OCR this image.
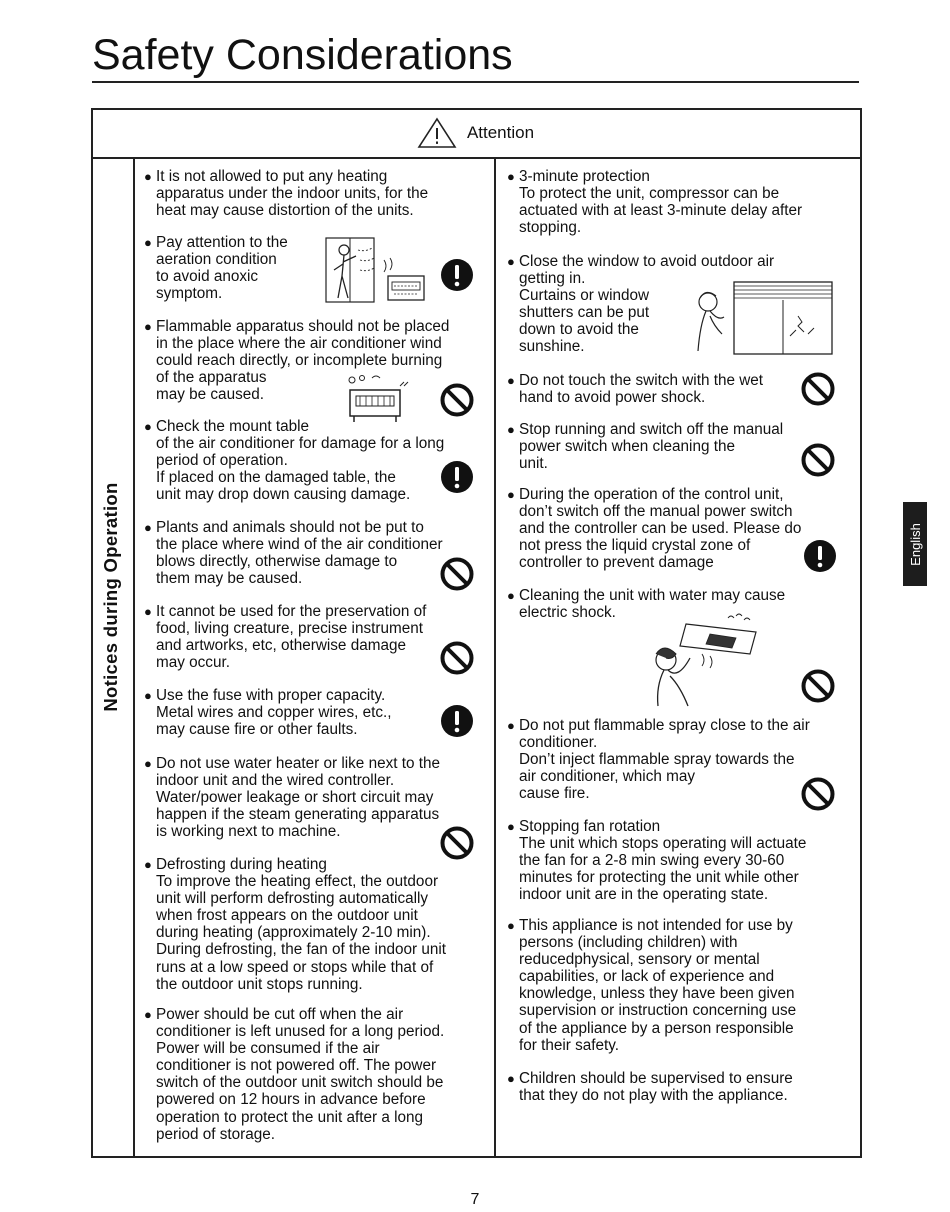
Safety Considerations
Attention
Notices during Operation
● It is not allowed to put any heating
apparatus under the indoor units, for the
heat may cause distortion of the units.
● Pay attention to the
aeration condition
to avoid anoxic
symptom.
● Flammable apparatus should not be placed
in the place where the air conditioner wind
could reach directly, or incomplete burning
of the apparatus
may be caused.
● Check the mount table
of the air conditioner for damage for a long
period of operation.
If placed on the damaged table, the
unit may drop down causing damage.
● Plants and animals should not be put to
the place where wind of the air conditioner
blows directly, otherwise damage to
them may be caused.
● It cannot be used for the preservation of
food, living creature, precise instrument
and artworks, etc, otherwise damage
may occur.
● Use the fuse with proper capacity.
Metal wires and copper wires, etc.,
may cause fire or other faults.
● Do not use water heater or like next to the
indoor unit and the wired controller.
Water/power leakage or short circuit may
happen if the steam generating apparatus
is working next to machine.
● Defrosting during heating
To improve the heating effect, the outdoor
unit will perform defrosting automatically
when frost appears on the outdoor unit
during heating (approximately 2-10 min).
During defrosting, the fan of the indoor unit
runs at a low speed or stops while that of
the outdoor unit stops running.
● Power should be cut off when the air
conditioner is left unused for a long period.
Power will be consumed if the air
conditioner is not powered off. The power
switch of the outdoor unit switch should be
powered on 12 hours in advance before
operation to protect the unit after a long
period of storage.
● 3-minute protection
To protect the unit, compressor can be
actuated with at least 3-minute delay after
stopping.
● Close the window to avoid outdoor air
getting in.
Curtains or window
shutters can be put
down to avoid the
sunshine.
● Do not touch the switch with the wet
hand to avoid power shock.
● Stop running and switch off the manual
power switch when cleaning the
unit.
● During the operation of the control unit,
don’t switch off the manual power switch
and the controller can be used. Please do
not press the liquid crystal zone of
controller to prevent damage
● Cleaning the unit with water may cause
electric shock.
● Do not put flammable spray close to the air
conditioner.
Don’t inject flammable spray towards the
air conditioner, which may
cause fire.
● Stopping fan rotation
The unit which stops operating will actuate
the fan for a 2-8 min swing every 30-60
minutes for protecting the unit while other
indoor unit are in the operating state.
● This appliance is not intended for use by
persons (including children) with
reducedphysical, sensory or mental
capabilities, or lack of experience and
knowledge, unless they have been given
supervision or instruction concerning use
of the appliance by a person responsible
for their safety.
● Children should be supervised to ensure
that they do not play with the appliance.
7
English
